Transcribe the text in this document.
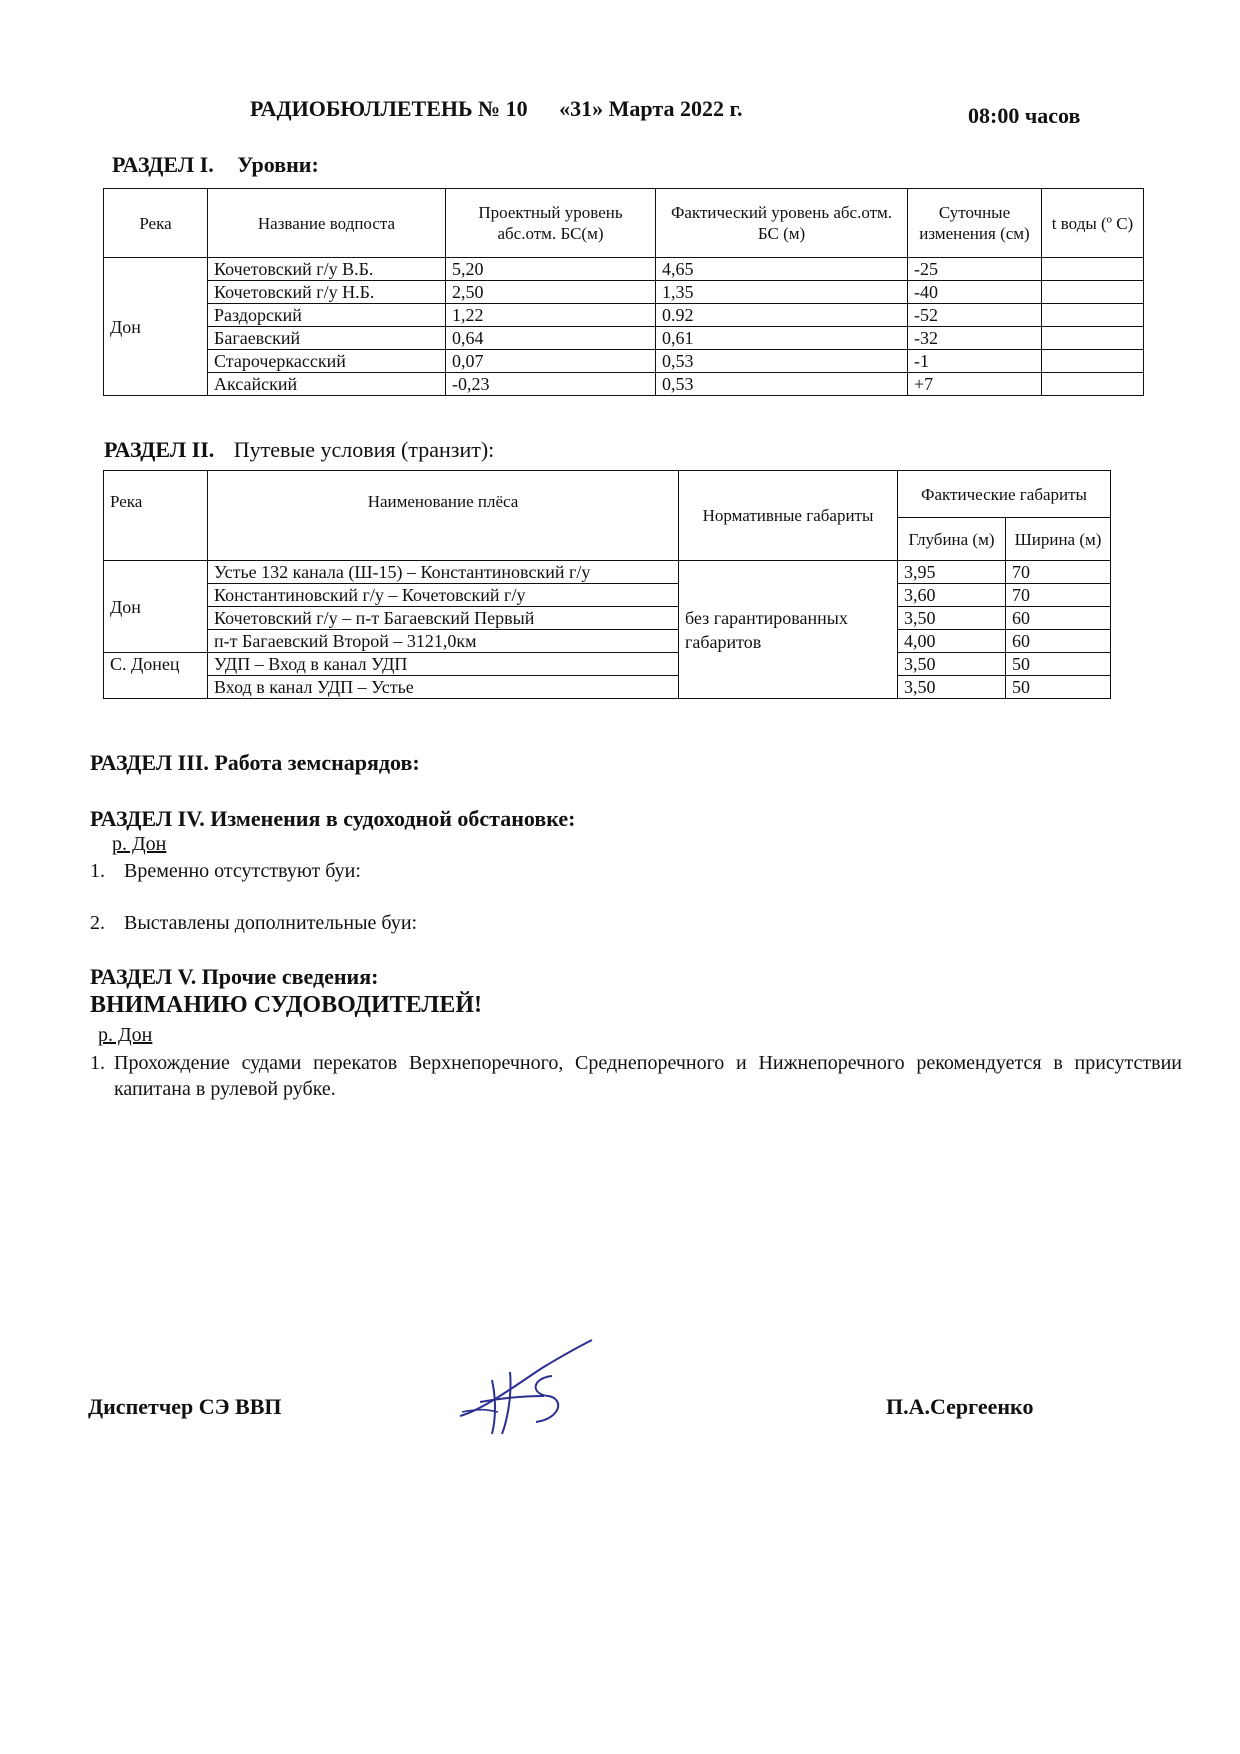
РАДИОБЮЛЛЕТЕНЬ № 10 «31» Марта 2022 г.	08:00 часов
РАЗДЕЛ I. Уровни:
Река	Название водпоста	Проектный уровень абс.отм. БС(м)	Фактический уровень абс.отм. БС (м)	Суточные изменения (см)	t воды (º С)
Дон	Кочетовский г/у В.Б.	5,20	4,65	-25	
	Кочетовский г/у Н.Б.	2,50	1,35	-40	
	Раздорский	1,22	0.92	-52	
	Багаевский	0,64	0,61	-32	
	Старочеркасский	0,07	0,53	-1	
	Аксайский	-0,23	0,53	+7	
РАЗДЕЛ II. Путевые условия (транзит):
Река	Наименование плёса	Нормативные габариты	Фактические габариты	
			Глубина (м)	Ширина (м)
Дон	Устье 132 канала (Ш-15) – Константиновский г/у	без гарантированных габаритов	3,95	70
	Константиновский г/у – Кочетовский г/у		3,60	70
	Кочетовский г/у – п-т Багаевский Первый		3,50	60
	п-т Багаевский Второй – 3121,0км		4,00	60
С. Донец	УДП – Вход в канал УДП		3,50	50
	Вход в канал УДП – Устье		3,50	50
РАЗДЕЛ III. Работа земснарядов:
РАЗДЕЛ IV. Изменения в судоходной обстановке:
р. Дон
1. Временно отсутствуют буи:
2. Выставлены дополнительные буи:
РАЗДЕЛ V. Прочие сведения:
ВНИМАНИЮ СУДОВОДИТЕЛЕЙ!
р. Дон
1. Прохождение судами перекатов Верхнепоречного, Среднепоречного и Нижнепоречного рекомендуется в присутствии капитана в рулевой рубке.
Диспетчер СЭ ВВП	П.А.Сергеенко
